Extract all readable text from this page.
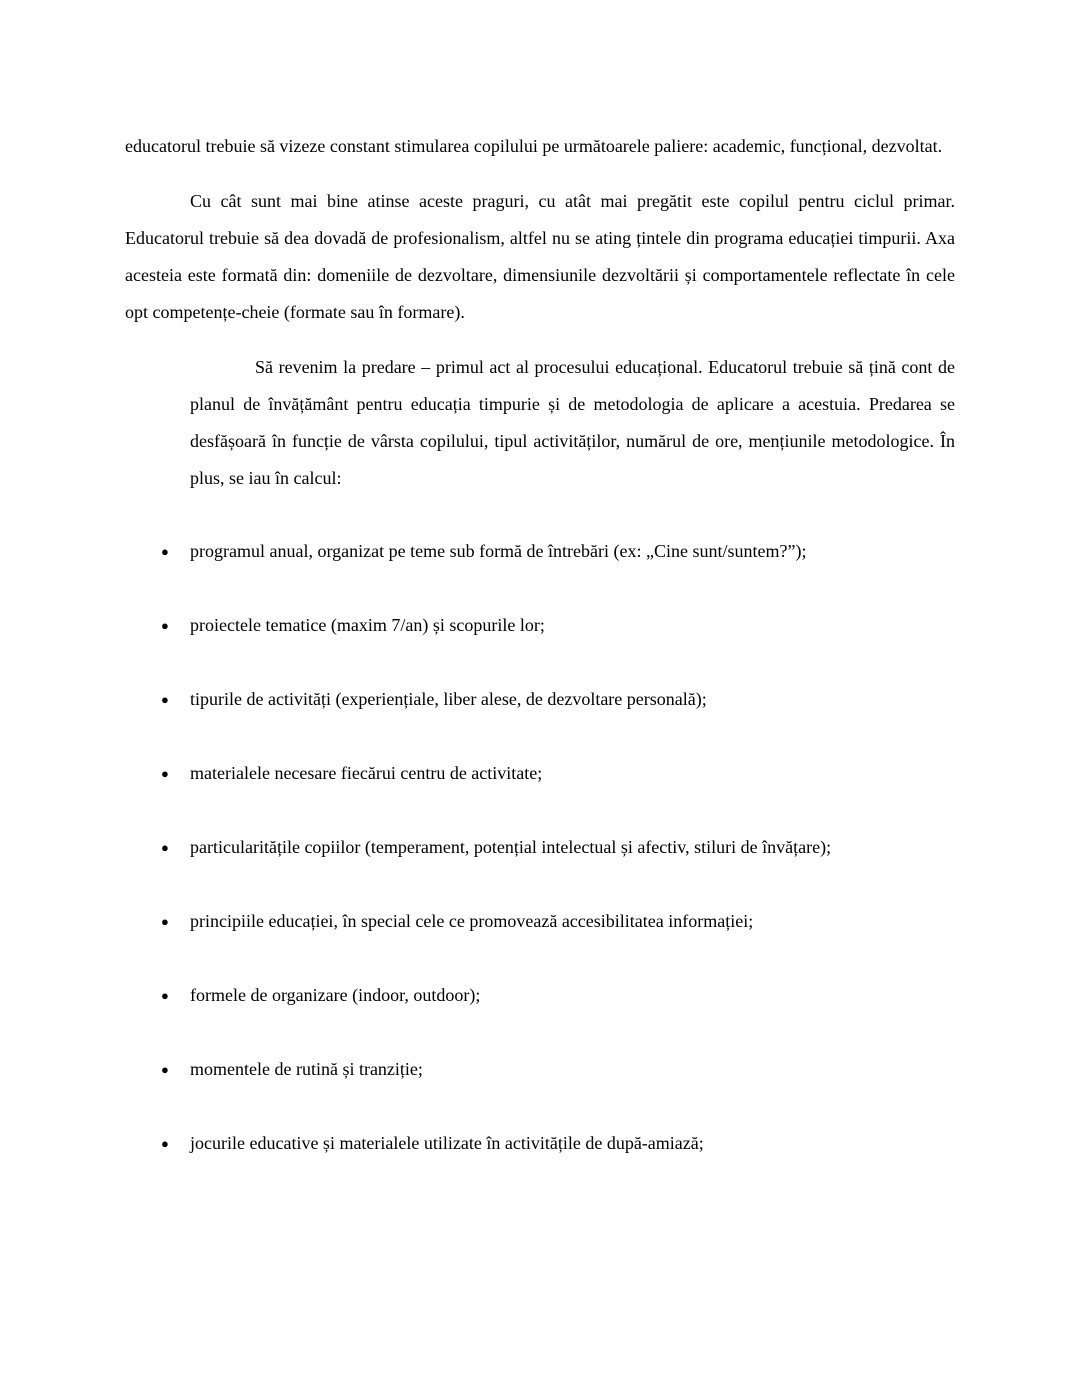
educatorul trebuie să vizeze constant stimularea copilului pe următoarele paliere: academic, funcțional, dezvoltat.

Cu cât sunt mai bine atinse aceste praguri, cu atât mai pregătit este copilul pentru ciclul primar. Educatorul trebuie să dea dovadă de profesionalism, altfel nu se ating țintele din programa educației timpurii. Axa acesteia este formată din: domeniile de dezvoltare, dimensiunile dezvoltării și comportamentele reflectate în cele opt competențe-cheie (formate sau în formare).

Să revenim la predare – primul act al procesului educațional. Educatorul trebuie să țină cont de planul de învățământ pentru educația timpurie și de metodologia de aplicare a acestuia. Predarea se desfășoară în funcție de vârsta copilului, tipul activităților, numărul de ore, mențiunile metodologice. În plus, se iau în calcul:

● programul anual, organizat pe teme sub formă de întrebări (ex: „Cine sunt/suntem?”);
● proiectele tematice (maxim 7/an) și scopurile lor;
● tipurile de activități (experiențiale, liber alese, de dezvoltare personală);
● materialele necesare fiecărui centru de activitate;
● particularitățile copiilor (temperament, potențial intelectual și afectiv, stiluri de învățare);
● principiile educației, în special cele ce promovează accesibilitatea informației;
● formele de organizare (indoor, outdoor);
● momentele de rutină și tranziție;
● jocurile educative și materialele utilizate în activitățile de după-amiază;
